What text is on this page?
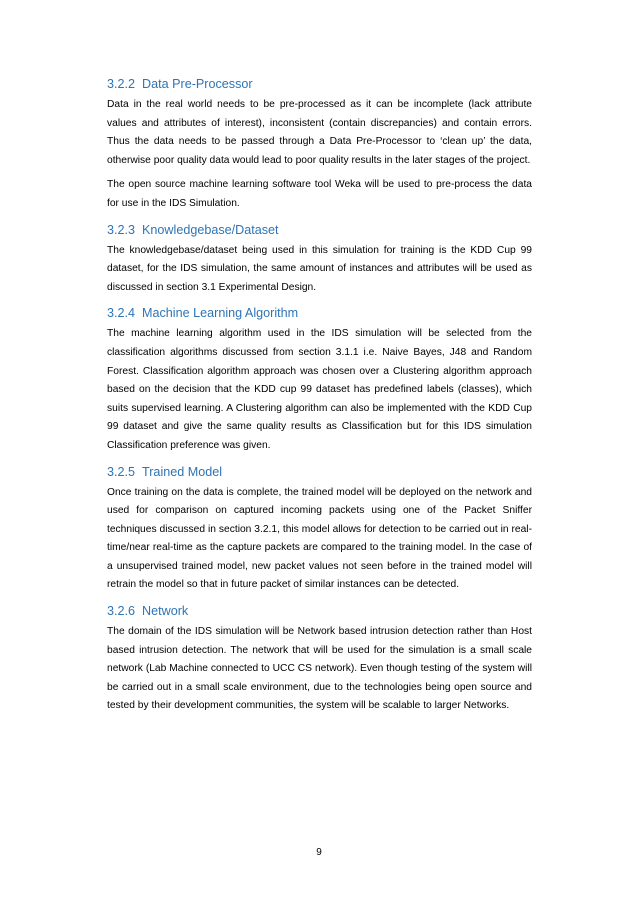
3.2.2 Data Pre-Processor

Data in the real world needs to be pre-processed as it can be incomplete (lack attribute values and attributes of interest), inconsistent (contain discrepancies) and contain errors. Thus the data needs to be passed through a Data Pre-Processor to ‘clean up’ the data, otherwise poor quality data would lead to poor quality results in the later stages of the project.

The open source machine learning software tool Weka will be used to pre-process the data for use in the IDS Simulation.

3.2.3 Knowledgebase/Dataset

The knowledgebase/dataset being used in this simulation for training is the KDD Cup 99 dataset, for the IDS simulation, the same amount of instances and attributes will be used as discussed in section 3.1 Experimental Design.

3.2.4 Machine Learning Algorithm

The machine learning algorithm used in the IDS simulation will be selected from the classification algorithms discussed from section 3.1.1 i.e. Naive Bayes, J48 and Random Forest. Classification algorithm approach was chosen over a Clustering algorithm approach based on the decision that the KDD cup 99 dataset has predefined labels (classes), which suits supervised learning. A Clustering algorithm can also be implemented with the KDD Cup 99 dataset and give the same quality results as Classification but for this IDS simulation Classification preference was given.

3.2.5 Trained Model

Once training on the data is complete, the trained model will be deployed on the network and used for comparison on captured incoming packets using one of the Packet Sniffer techniques discussed in section 3.2.1, this model allows for detection to be carried out in real-time/near real-time as the capture packets are compared to the training model. In the case of a unsupervised trained model, new packet values not seen before in the trained model will retrain the model so that in future packet of similar instances can be detected.

3.2.6 Network

The domain of the IDS simulation will be Network based intrusion detection rather than Host based intrusion detection. The network that will be used for the simulation is a small scale network (Lab Machine connected to UCC CS network). Even though testing of the system will be carried out in a small scale environment, due to the technologies being open source and tested by their development communities, the system will be scalable to larger Networks.

9
